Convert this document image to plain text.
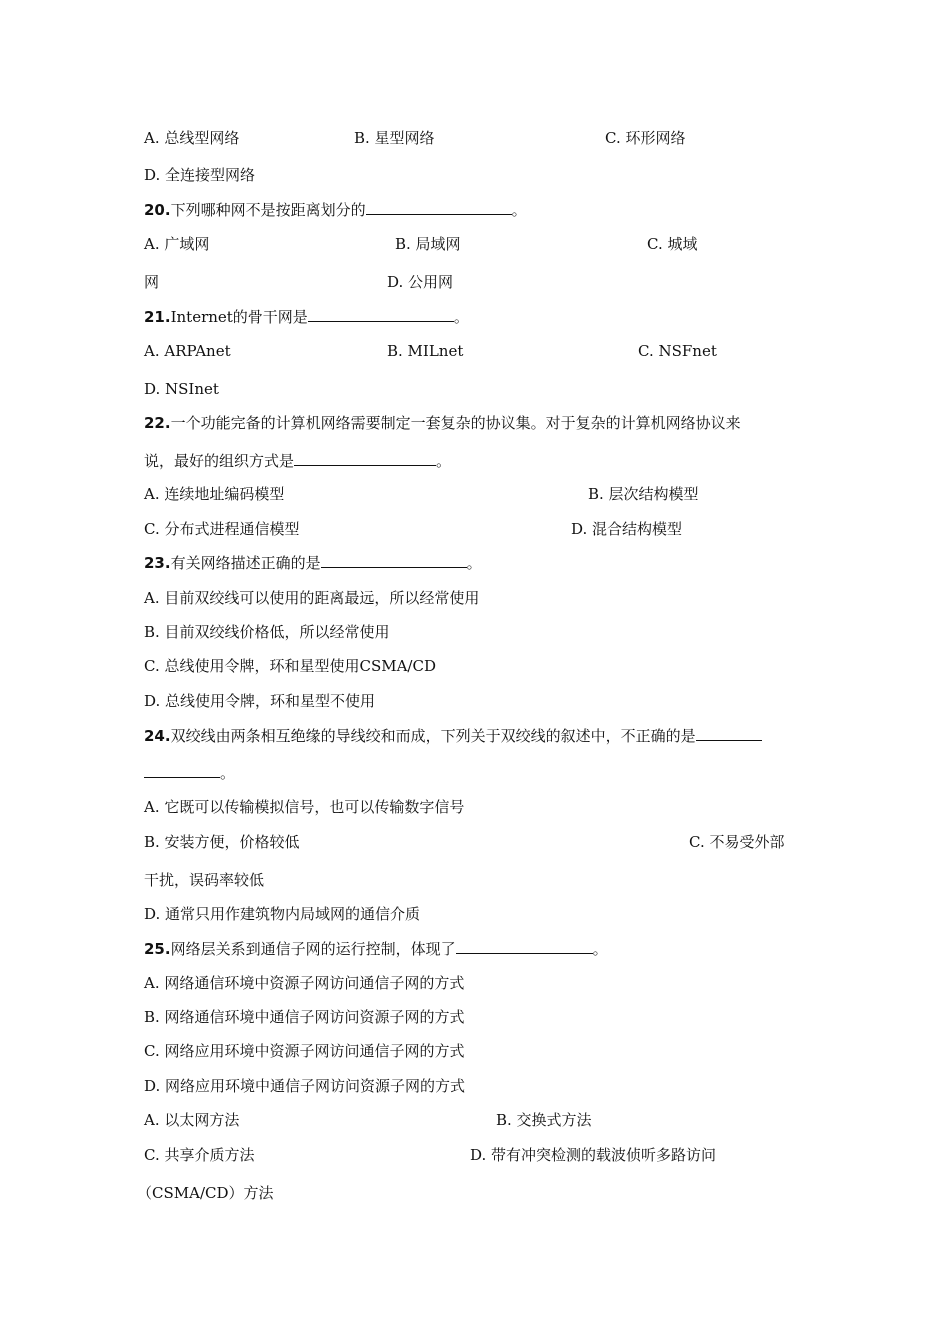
A. 总线型网络	B. 星型网络	C. 环形网络
D. 全连接型网络
20.下列哪种网不是按距离划分的	。
A. 广域网	B. 局域网	C. 城域
网	D. 公用网
21.Internet的骨干网是	。
A. ARPAnet	B. MILnet	C. NSFnet
D. NSInet
22.一个功能完备的计算机网络需要制定一套复杂的协议集。对于复杂的计算机网络协议来
说，最好的组织方式是	。
A. 连续地址编码模型	B. 层次结构模型
C. 分布式进程通信模型	D. 混合结构模型
23.有关网络描述正确的是	。
A. 目前双绞线可以使用的距离最远，所以经常使用
B. 目前双绞线价格低，所以经常使用
C. 总线使用令牌，环和星型使用CSMA/CD
D. 总线使用令牌，环和星型不使用
24.双绞线由两条相互绝缘的导线绞和而成，下列关于双绞线的叙述中，不正确的是
。
A. 它既可以传输模拟信号，也可以传输数字信号
B. 安装方便，价格较低	C. 不易受外部
干扰，误码率较低
D. 通常只用作建筑物内局域网的通信介质
25.网络层关系到通信子网的运行控制，体现了	。
A. 网络通信环境中资源子网访问通信子网的方式
B. 网络通信环境中通信子网访问资源子网的方式
C. 网络应用环境中资源子网访问通信子网的方式
D. 网络应用环境中通信子网访问资源子网的方式
A. 以太网方法	B. 交换式方法
C. 共享介质方法	D. 带有冲突检测的载波侦听多路访问
（CSMA/CD）方法
